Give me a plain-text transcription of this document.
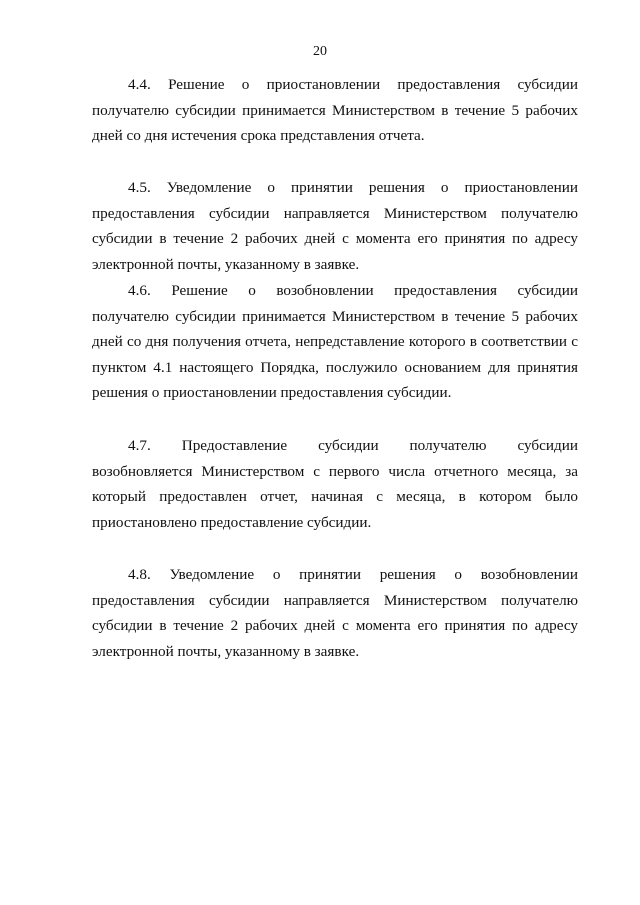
20
4.4. Решение о приостановлении предоставления субсидии
получателю субсидии принимается Министерством в течение 5 рабочих
дней со дня истечения срока представления отчета.
4.5. Уведомление о принятии решения о приостановлении
предоставления субсидии направляется Министерством получателю
субсидии в течение 2 рабочих дней с момента его принятия по адресу
электронной почты, указанному в заявке.
4.6. Решение о возобновлении предоставления субсидии
получателю субсидии принимается Министерством в течение 5 рабочих
дней со дня получения отчета, непредставление которого в соответствии с
пунктом 4.1 настоящего Порядка, послужило основанием для принятия
решения о приостановлении предоставления субсидии.
4.7. Предоставление субсидии получателю субсидии
возобновляется Министерством с первого числа отчетного месяца, за
который предоставлен отчет, начиная с месяца, в котором было
приостановлено предоставление субсидии.
4.8. Уведомление о принятии решения о возобновлении
предоставления субсидии направляется Министерством получателю
субсидии в течение 2 рабочих дней с момента его принятия по адресу
электронной почты, указанному в заявке.
